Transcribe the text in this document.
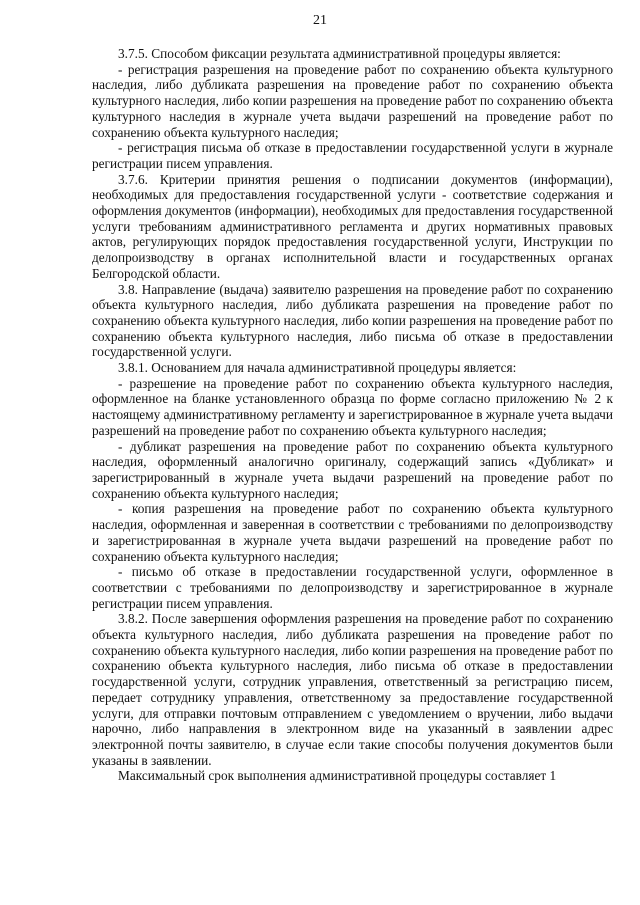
21

3.7.5. Способом фиксации результата административной процедуры является:

- регистрация разрешения на проведение работ по сохранению объекта культурного наследия, либо дубликата разрешения на проведение работ по сохранению объекта культурного наследия, либо копии разрешения на проведение работ по сохранению объекта культурного наследия в журнале учета выдачи разрешений на проведение работ по сохранению объекта культурного наследия;

- регистрация письма об отказе в предоставлении государственной услуги в журнале регистрации писем управления.

3.7.6. Критерии принятия решения о подписании документов (информации), необходимых для предоставления государственной услуги - соответствие содержания и оформления документов (информации), необходимых для предоставления государственной услуги требованиям административного регламента и других нормативных правовых актов, регулирующих порядок предоставления государственной услуги, Инструкции по делопроизводству в органах исполнительной власти и государственных органах Белгородской области.

3.8. Направление (выдача) заявителю разрешения на проведение работ по сохранению объекта культурного наследия, либо дубликата разрешения на проведение работ по сохранению объекта культурного наследия, либо копии разрешения на проведение работ по сохранению объекта культурного наследия, либо письма об отказе в предоставлении государственной услуги.

3.8.1. Основанием для начала административной процедуры является:

- разрешение на проведение работ по сохранению объекта культурного наследия, оформленное на бланке установленного образца по форме согласно приложению № 2 к настоящему административному регламенту и зарегистрированное в журнале учета выдачи разрешений на проведение работ по сохранению объекта культурного наследия;

- дубликат разрешения на проведение работ по сохранению объекта культурного наследия, оформленный аналогично оригиналу, содержащий запись «Дубликат» и зарегистрированный в журнале учета выдачи разрешений на проведение работ по сохранению объекта культурного наследия;

- копия разрешения на проведение работ по сохранению объекта культурного наследия, оформленная и заверенная в соответствии с требованиями по делопроизводству и зарегистрированная в журнале учета выдачи разрешений на проведение работ по сохранению объекта культурного наследия;

- письмо об отказе в предоставлении государственной услуги, оформленное в соответствии с требованиями по делопроизводству и зарегистрированное в журнале регистрации писем управления.

3.8.2. После завершения оформления разрешения на проведение работ по сохранению объекта культурного наследия, либо дубликата разрешения на проведение работ по сохранению объекта культурного наследия, либо копии разрешения на проведение работ по сохранению объекта культурного наследия, либо письма об отказе в предоставлении государственной услуги, сотрудник управления, ответственный за регистрацию писем, передает сотруднику управления, ответственному за предоставление государственной услуги, для отправки почтовым отправлением с уведомлением о вручении, либо выдачи нарочно, либо направления в электронном виде на указанный в заявлении адрес электронной почты заявителю, в случае если такие способы получения документов были указаны в заявлении.

Максимальный срок выполнения административной процедуры составляет 1
